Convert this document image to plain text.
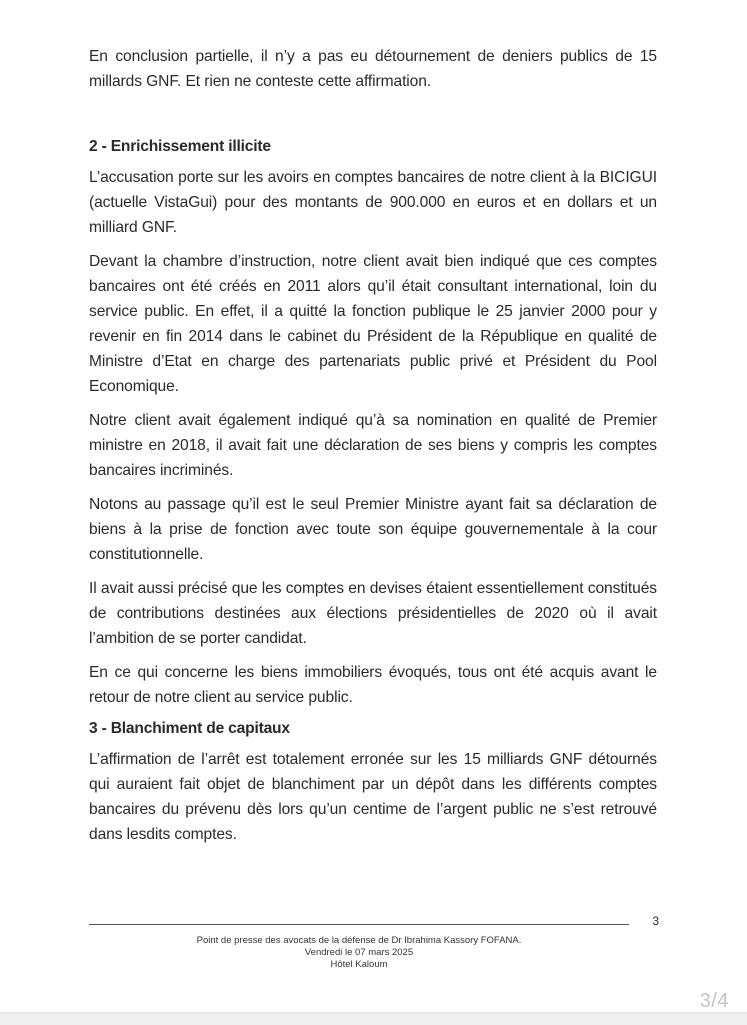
En conclusion partielle, il n’y a pas eu détournement de deniers publics de 15 millards GNF. Et rien ne conteste cette affirmation.

2 - Enrichissement illicite

L’accusation porte sur les avoirs en comptes bancaires de notre client à la BICIGUI (actuelle VistaGui) pour des montants de 900.000 en euros et en dollars et un milliard GNF.

Devant la chambre d’instruction, notre client avait bien indiqué que ces comptes bancaires ont été créés en 2011 alors qu’il était consultant international, loin du service public. En effet, il a quitté la fonction publique le 25 janvier 2000 pour y revenir en fin 2014 dans le cabinet du Président de la République en qualité de Ministre d’Etat en charge des partenariats public privé et Président du Pool Economique.

Notre client avait également indiqué qu’à sa nomination en qualité de Premier ministre en 2018, il avait fait une déclaration de ses biens y compris les comptes bancaires incriminés.

Notons au passage qu’il est le seul Premier Ministre ayant fait sa déclaration de biens à la prise de fonction avec toute son équipe gouvernementale à la cour constitutionnelle.

Il avait aussi précisé que les comptes en devises étaient essentiellement constitués de contributions destinées aux élections présidentielles de 2020 où il avait l’ambition de se porter candidat.

En ce qui concerne les biens immobiliers évoqués, tous ont été acquis avant le retour de notre client au service public.

3 - Blanchiment de capitaux

L’affirmation de l’arrêt est totalement erronée sur les 15 milliards GNF détournés qui auraient fait objet de blanchiment par un dépôt dans les différents comptes bancaires du prévenu dès lors qu’un centime de l’argent public ne s’est retrouvé dans lesdits comptes.

3
Point de presse des avocats de la défense de Dr Ibrahima Kassory FOFANA.
Vendredi le 07 mars 2025
Hôtel Kaloum
3/4
